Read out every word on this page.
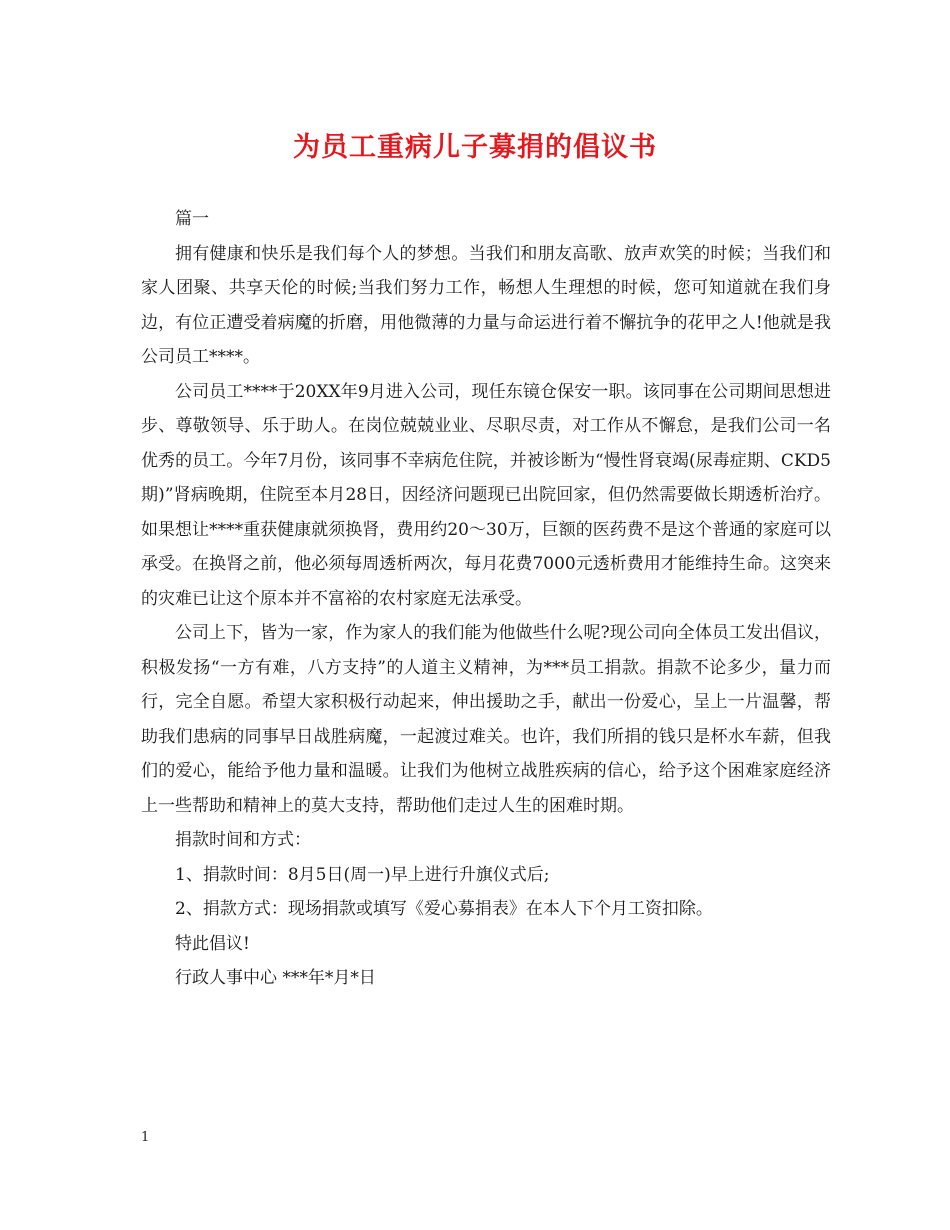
为员工重病儿子募捐的倡议书

篇一

拥有健康和快乐是我们每个人的梦想。当我们和朋友高歌、放声欢笑的时候；当我们和家人团聚、共享天伦的时候;当我们努力工作，畅想人生理想的时候，您可知道就在我们身边，有位正遭受着病魔的折磨，用他微薄的力量与命运进行着不懈抗争的花甲之人!他就是我公司员工****。

公司员工****于20XX年9月进入公司，现任东镜仓保安一职。该同事在公司期间思想进步、尊敬领导、乐于助人。在岗位兢兢业业、尽职尽责，对工作从不懈怠，是我们公司一名优秀的员工。今年7月份，该同事不幸病危住院，并被诊断为“慢性肾衰竭(尿毒症期、CKD5期)”肾病晚期，住院至本月28日，因经济问题现已出院回家，但仍然需要做长期透析治疗。如果想让****重获健康就须换肾，费用约20～30万，巨额的医药费不是这个普通的家庭可以承受。在换肾之前，他必须每周透析两次，每月花费7000元透析费用才能维持生命。这突来的灾难已让这个原本并不富裕的农村家庭无法承受。

公司上下，皆为一家，作为家人的我们能为他做些什么呢?现公司向全体员工发出倡议，积极发扬“一方有难，八方支持”的人道主义精神，为***员工捐款。捐款不论多少，量力而行，完全自愿。希望大家积极行动起来，伸出援助之手，献出一份爱心，呈上一片温馨，帮助我们患病的同事早日战胜病魔，一起渡过难关。也许，我们所捐的钱只是杯水车薪，但我们的爱心，能给予他力量和温暖。让我们为他树立战胜疾病的信心，给予这个困难家庭经济上一些帮助和精神上的莫大支持，帮助他们走过人生的困难时期。

捐款时间和方式：

1、捐款时间：8月5日(周一)早上进行升旗仪式后;

2、捐款方式：现场捐款或填写《爱心募捐表》在本人下个月工资扣除。

特此倡议!

行政人事中心 ***年*月*日

1
